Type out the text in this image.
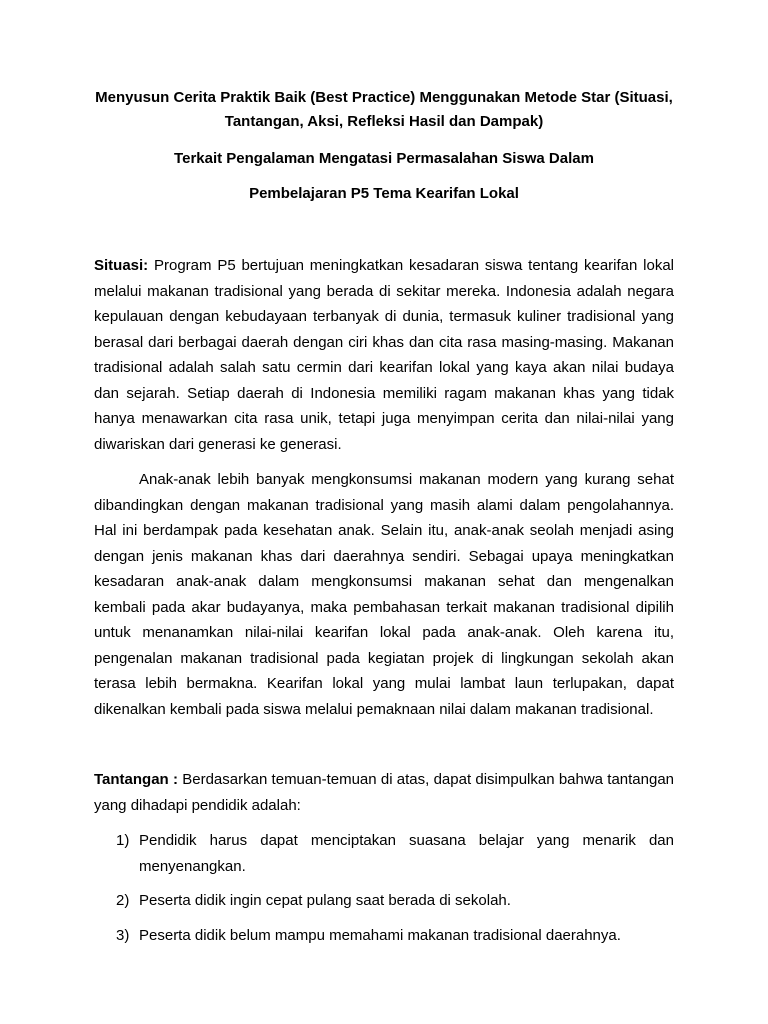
Menyusun Cerita Praktik Baik (Best Practice) Menggunakan Metode Star (Situasi, Tantangan, Aksi, Refleksi Hasil dan Dampak)

Terkait Pengalaman Mengatasi Permasalahan Siswa Dalam

Pembelajaran P5 Tema Kearifan Lokal

Situasi: Program P5 bertujuan meningkatkan kesadaran siswa tentang kearifan lokal melalui makanan tradisional yang berada di sekitar mereka. Indonesia adalah negara kepulauan dengan kebudayaan terbanyak di dunia, termasuk kuliner tradisional yang berasal dari berbagai daerah dengan ciri khas dan cita rasa masing-masing. Makanan tradisional adalah salah satu cermin dari kearifan lokal yang kaya akan nilai budaya dan sejarah. Setiap daerah di Indonesia memiliki ragam makanan khas yang tidak hanya menawarkan cita rasa unik, tetapi juga menyimpan cerita dan nilai-nilai yang diwariskan dari generasi ke generasi.

Anak-anak lebih banyak mengkonsumsi makanan modern yang kurang sehat dibandingkan dengan makanan tradisional yang masih alami dalam pengolahannya. Hal ini berdampak pada kesehatan anak. Selain itu, anak-anak seolah menjadi asing dengan jenis makanan khas dari daerahnya sendiri. Sebagai upaya meningkatkan kesadaran anak-anak dalam mengkonsumsi makanan sehat dan mengenalkan kembali pada akar budayanya, maka pembahasan terkait makanan tradisional dipilih untuk menanamkan nilai-nilai kearifan lokal pada anak-anak. Oleh karena itu, pengenalan makanan tradisional pada kegiatan projek di lingkungan sekolah akan terasa lebih bermakna. Kearifan lokal yang mulai lambat laun terlupakan, dapat dikenalkan kembali pada siswa melalui pemaknaan nilai dalam makanan tradisional.

Tantangan : Berdasarkan temuan-temuan di atas, dapat disimpulkan bahwa tantangan yang dihadapi pendidik adalah:

1) Pendidik harus dapat menciptakan suasana belajar yang menarik dan menyenangkan.
2) Peserta didik ingin cepat pulang saat berada di sekolah.
3) Peserta didik belum mampu memahami makanan tradisional daerahnya.
